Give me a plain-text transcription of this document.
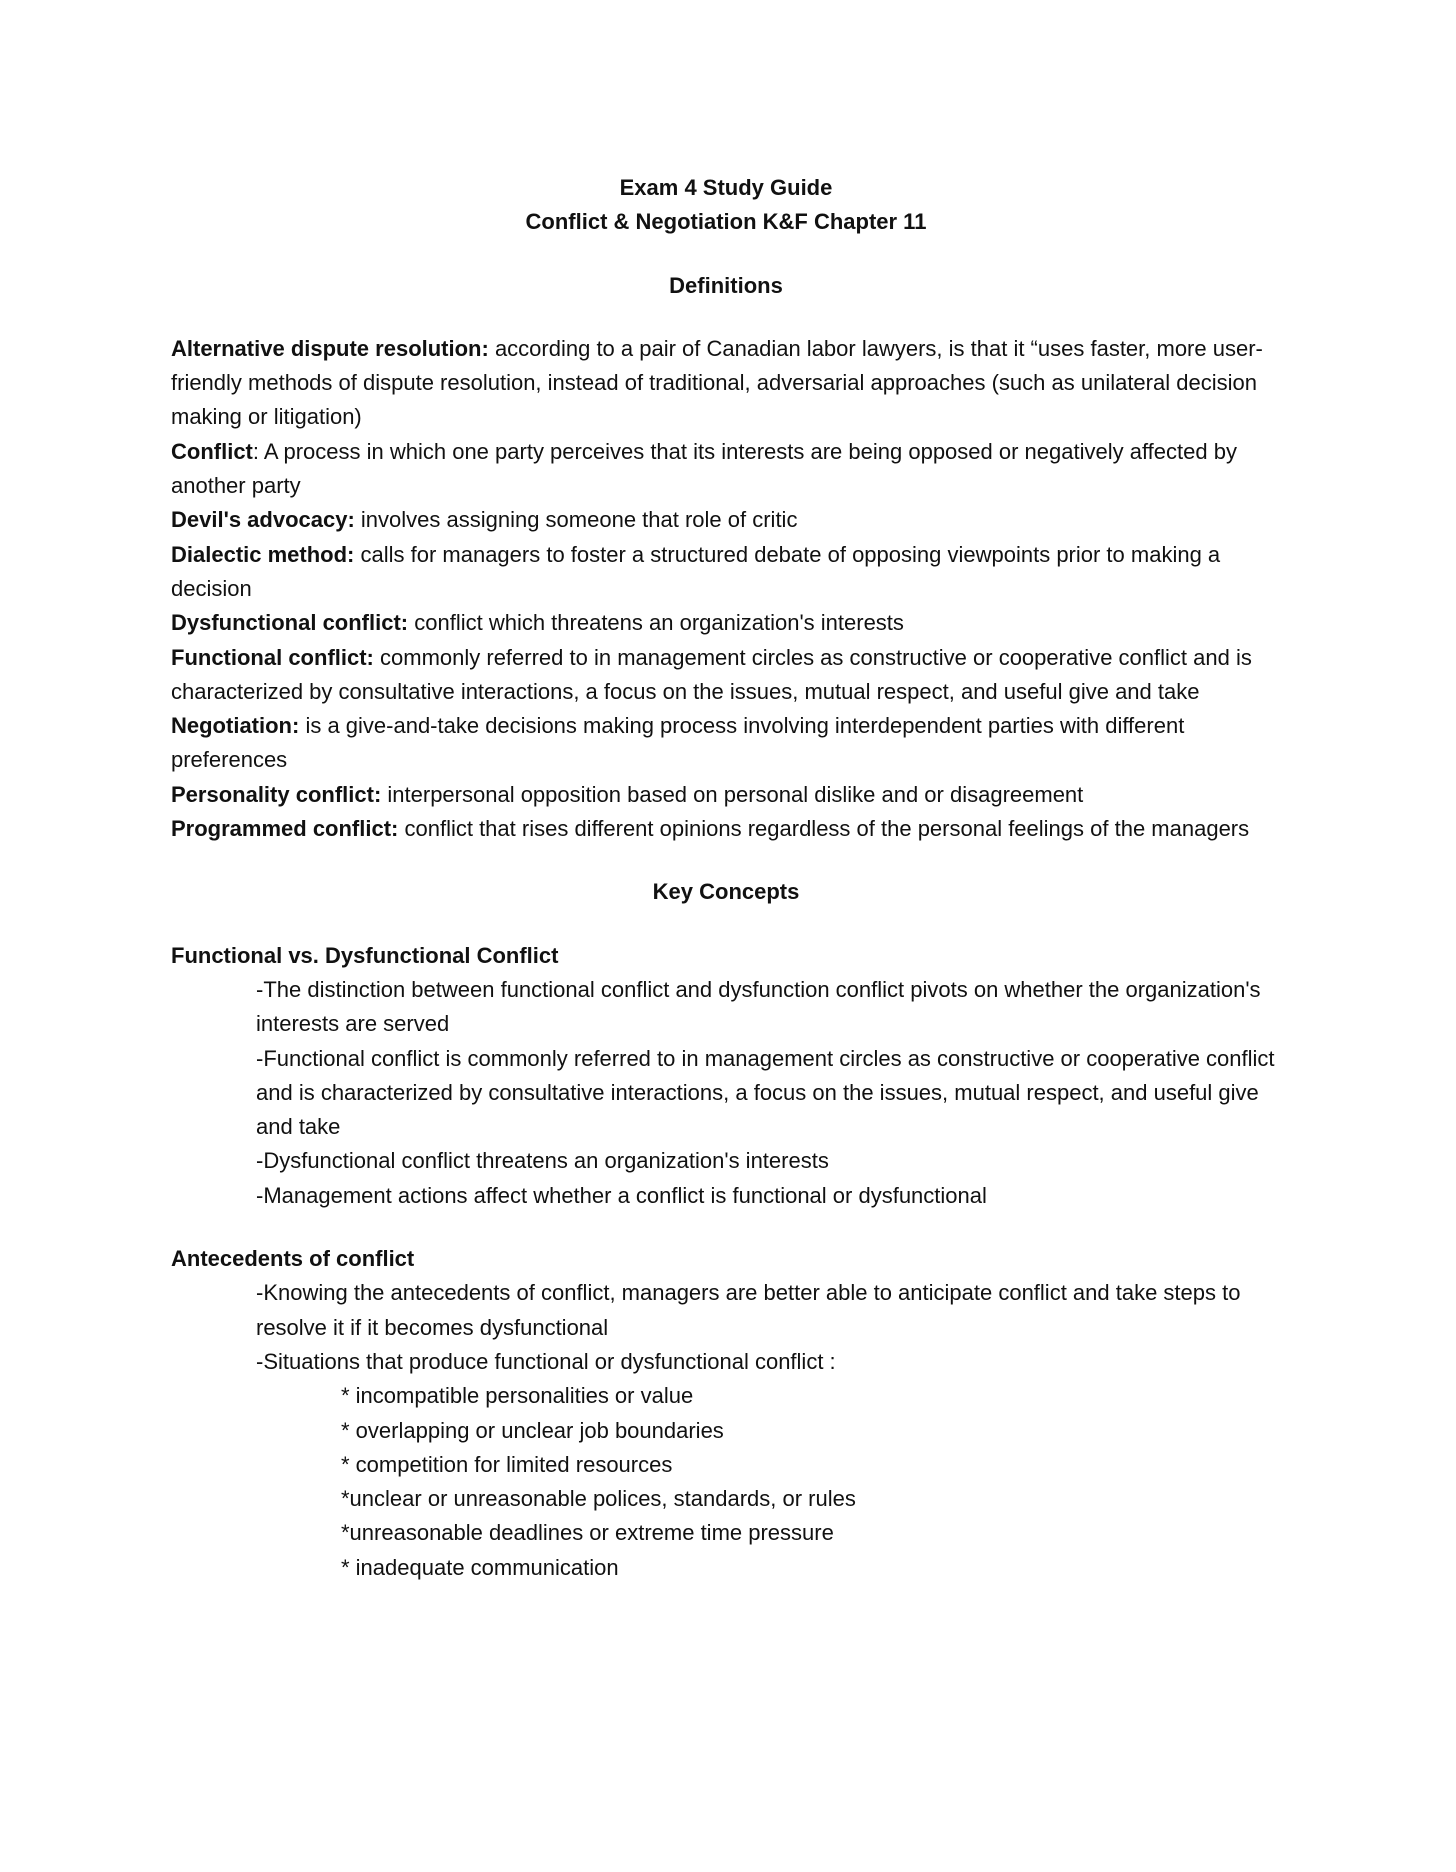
Exam 4 Study Guide
Conflict & Negotiation K&F Chapter 11
Definitions

Alternative dispute resolution: according to a pair of Canadian labor lawyers, is that it “uses faster, more user-friendly methods of dispute resolution, instead of traditional, adversarial approaches (such as unilateral decision making or litigation)

Conflict: A process in which one party perceives that its interests are being opposed or negatively affected by another party

Devil's advocacy: involves assigning someone that role of critic

Dialectic method: calls for managers to foster a structured debate of opposing viewpoints prior to making a decision

Dysfunctional conflict: conflict which threatens an organization's interests

Functional conflict: commonly referred to in management circles as constructive or cooperative conflict and is characterized by consultative interactions, a focus on the issues, mutual respect, and useful give and take

Negotiation: is a give-and-take decisions making process involving interdependent parties with different preferences

Personality conflict: interpersonal opposition based on personal dislike and or disagreement

Programmed conflict: conflict that rises different opinions regardless of the personal feelings of the managers

Key Concepts

Functional vs. Dysfunctional Conflict

-The distinction between functional conflict and dysfunction conflict pivots on whether the organization's interests are served

-Functional conflict is commonly referred to in management circles as constructive or cooperative conflict and is characterized by consultative interactions, a focus on the issues, mutual respect, and useful give and take

-Dysfunctional conflict threatens an organization's interests

-Management actions affect whether a conflict is functional or dysfunctional

Antecedents of conflict

-Knowing the antecedents of conflict, managers are better able to anticipate conflict and take steps to resolve it if it becomes dysfunctional

-Situations that produce functional or dysfunctional conflict :

* incompatible personalities or value

* overlapping or unclear job boundaries

* competition for limited resources

*unclear or unreasonable polices, standards, or rules

*unreasonable deadlines or extreme time pressure

* inadequate communication
